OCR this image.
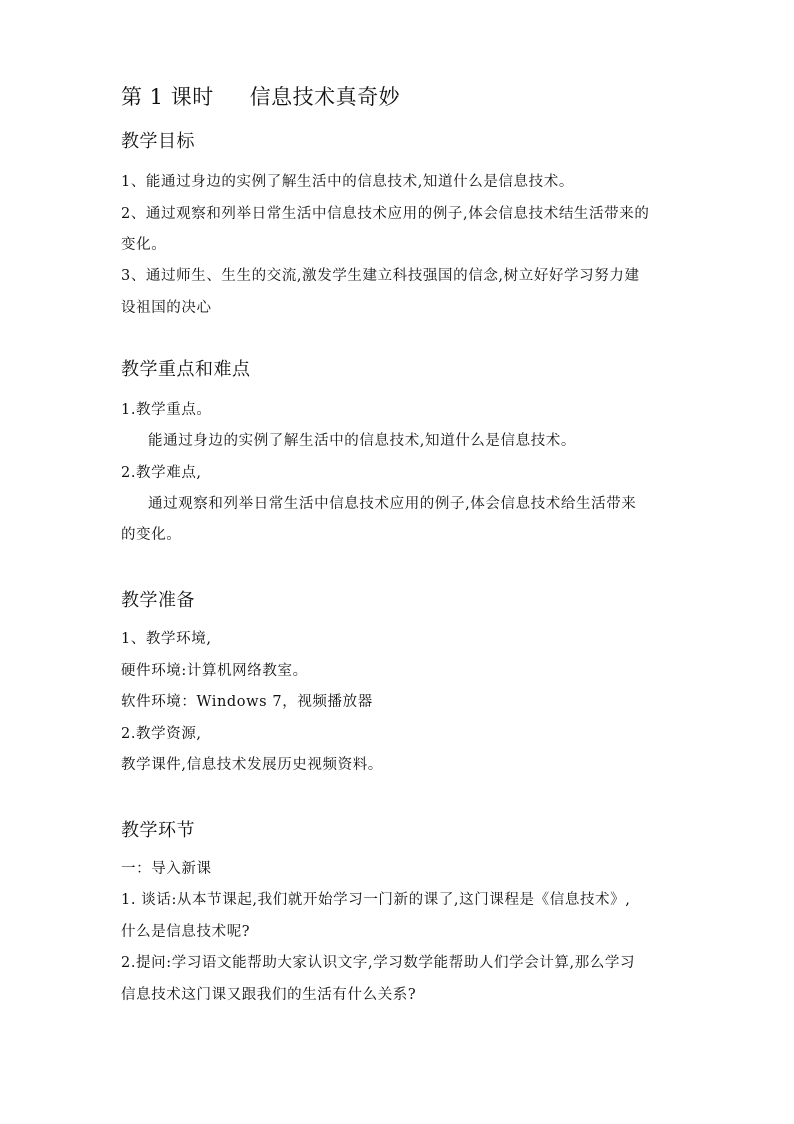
第 1 课时     信息技术真奇妙
教学目标
1、能通过身边的实例了解生活中的信息技术,知道什么是信息技术。
2、通过观察和列举日常生活中信息技术应用的例子,体会信息技术结生活带来的
变化。
3、通过师生、生生的交流,激发学生建立科技强国的信念,树立好好学习努力建
设祖国的决心
教学重点和难点
1.教学重点。
能通过身边的实例了解生活中的信息技术,知道什么是信息技术。
2.教学难点,
通过观察和列举日常生活中信息技术应用的例子,体会信息技术给生活带来
的变化。
教学准备
1、教学环境,
硬件环境:计算机网络教室。
软件环境：Windows 7，视频播放器
2.教学资源,
教学课件,信息技术发展历史视频资料。
教学环节
一：导入新课
1. 谈话:从本节课起,我们就开始学习一门新的课了,这门课程是《信息技术》,
什么是信息技术呢?
2.提问:学习语文能帮助大家认识文字,学习数学能帮助人们学会计算,那么学习
信息技术这门课又跟我们的生活有什么关系?
